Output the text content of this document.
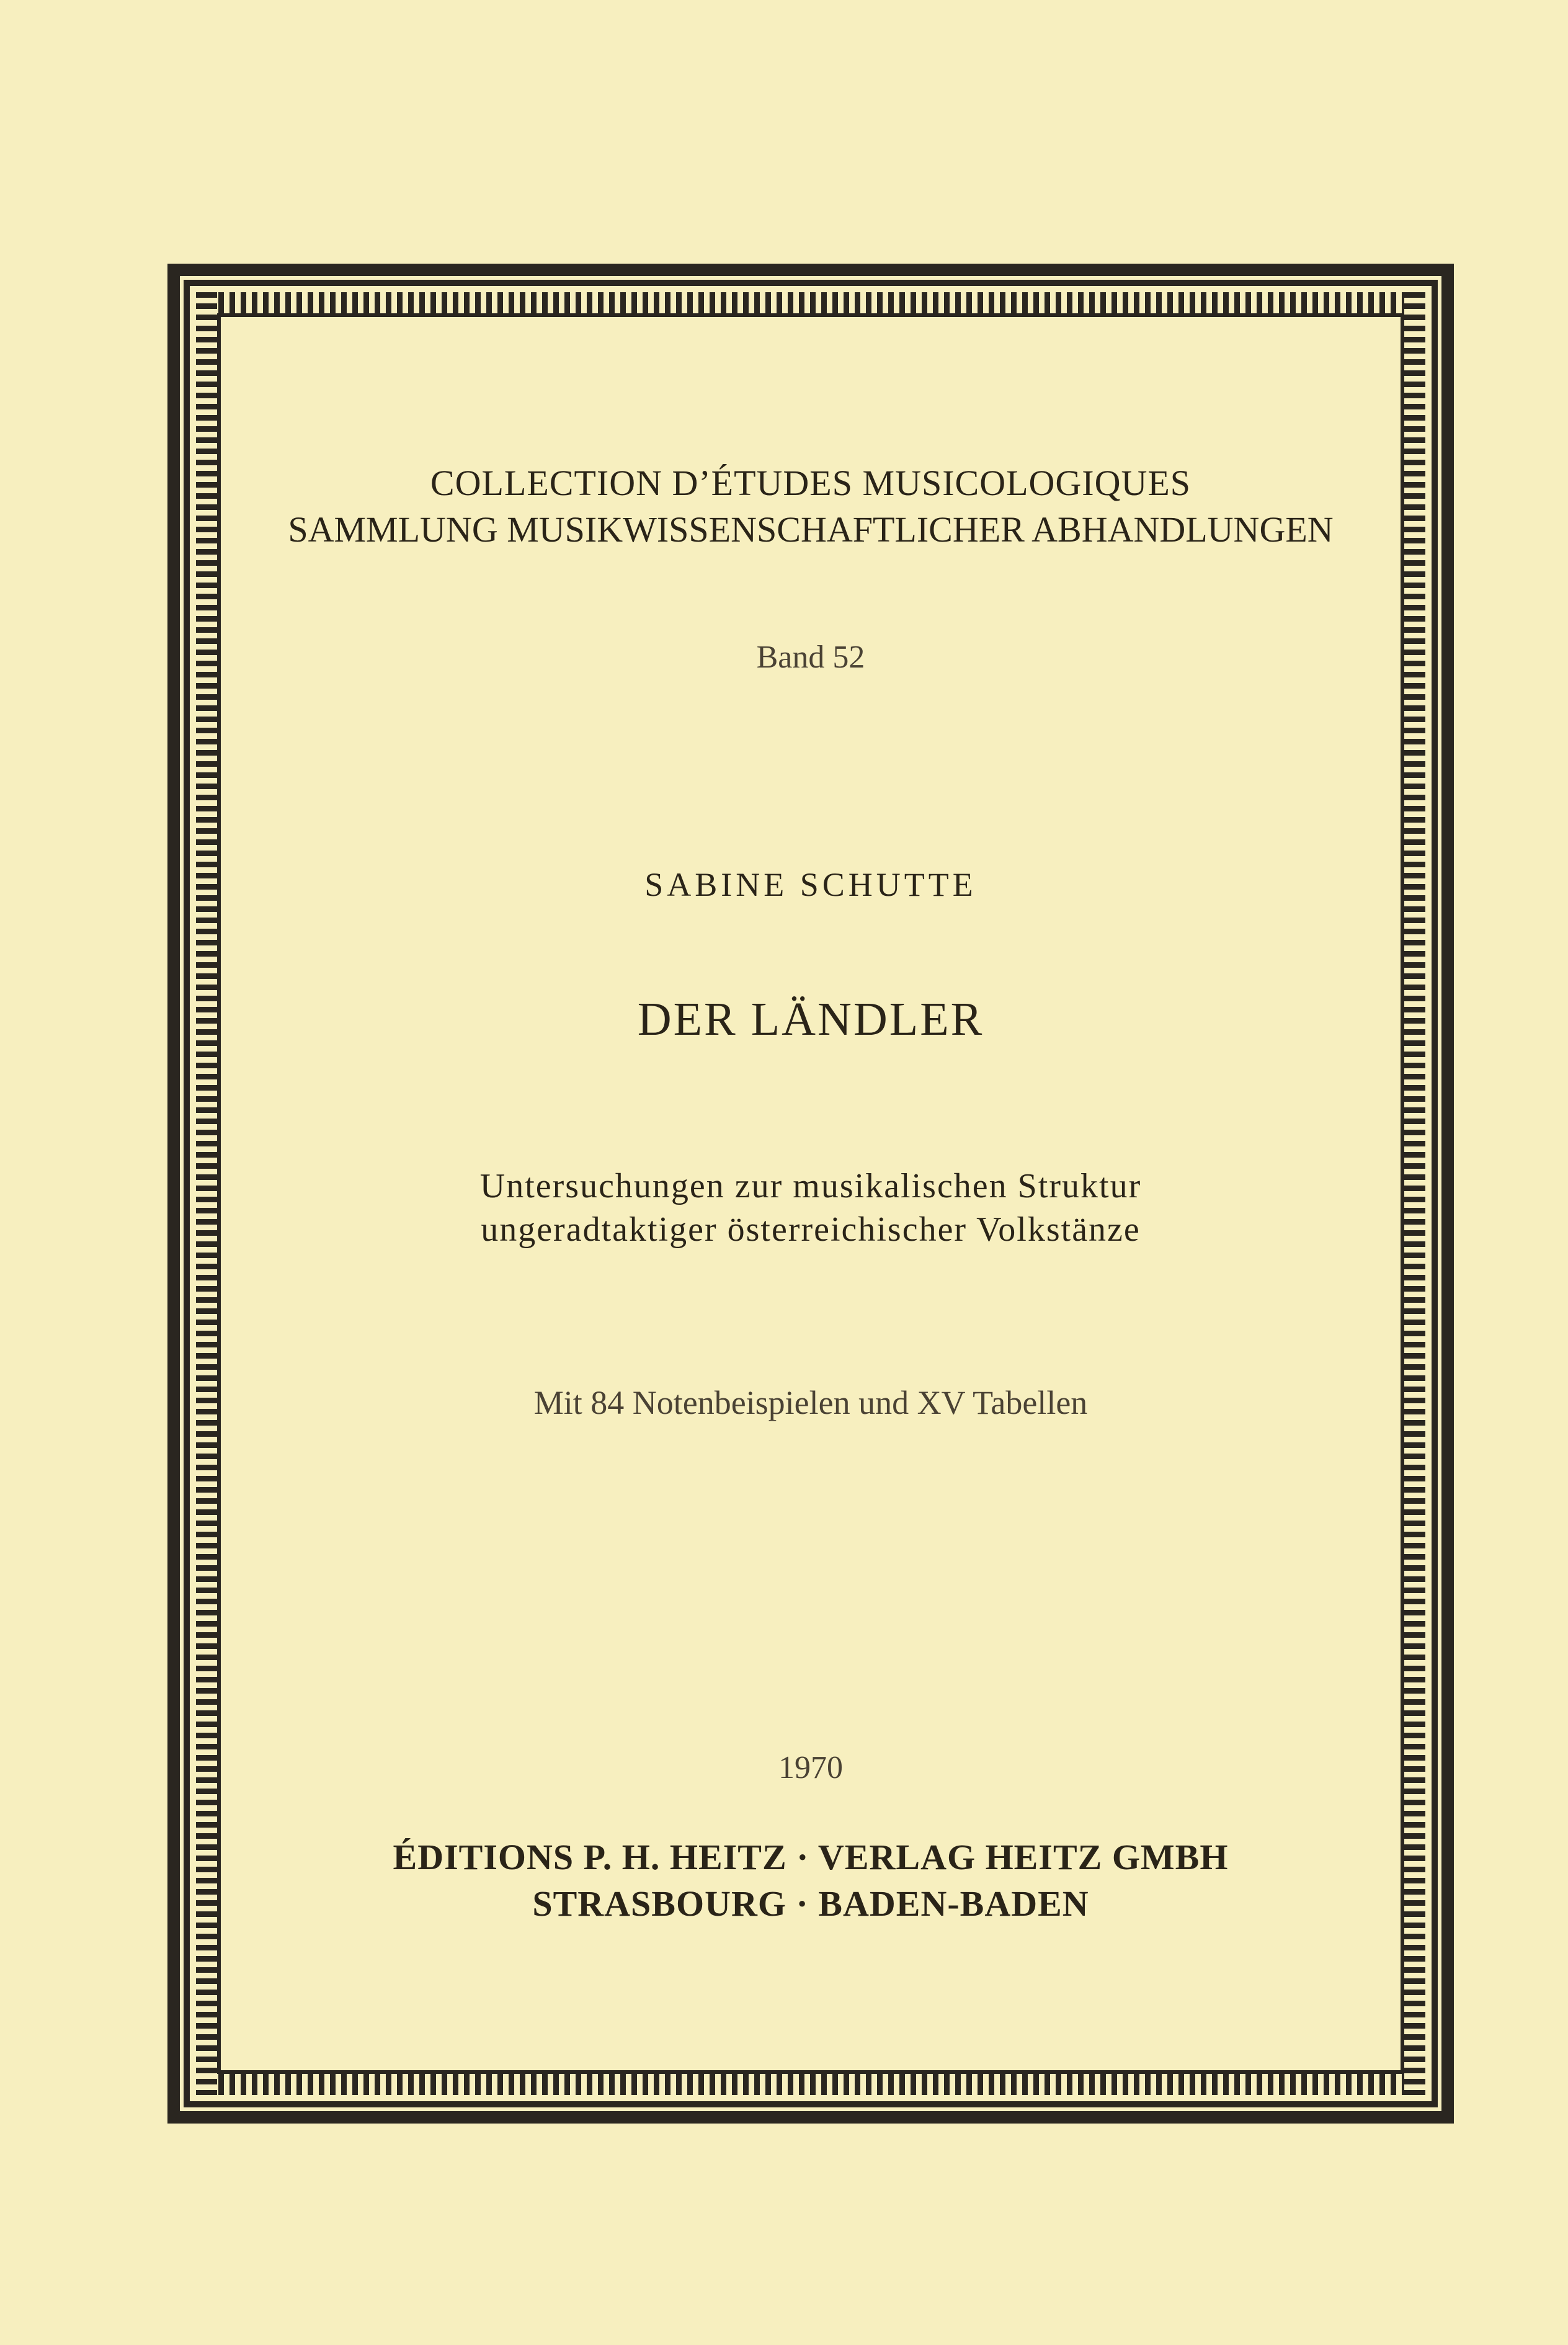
COLLECTION D’ÉTUDES MUSICOLOGIQUES
SAMMLUNG MUSIKWISSENSCHAFTLICHER ABHANDLUNGEN
Band 52
SABINE SCHUTTE
DER LÄNDLER
Untersuchungen zur musikalischen Struktur
ungeradtaktiger österreichischer Volkstänze
Mit 84 Notenbeispielen und XV Tabellen
1970
ÉDITIONS P. H. HEITZ · VERLAG HEITZ GMBH
STRASBOURG · BADEN-BADEN
